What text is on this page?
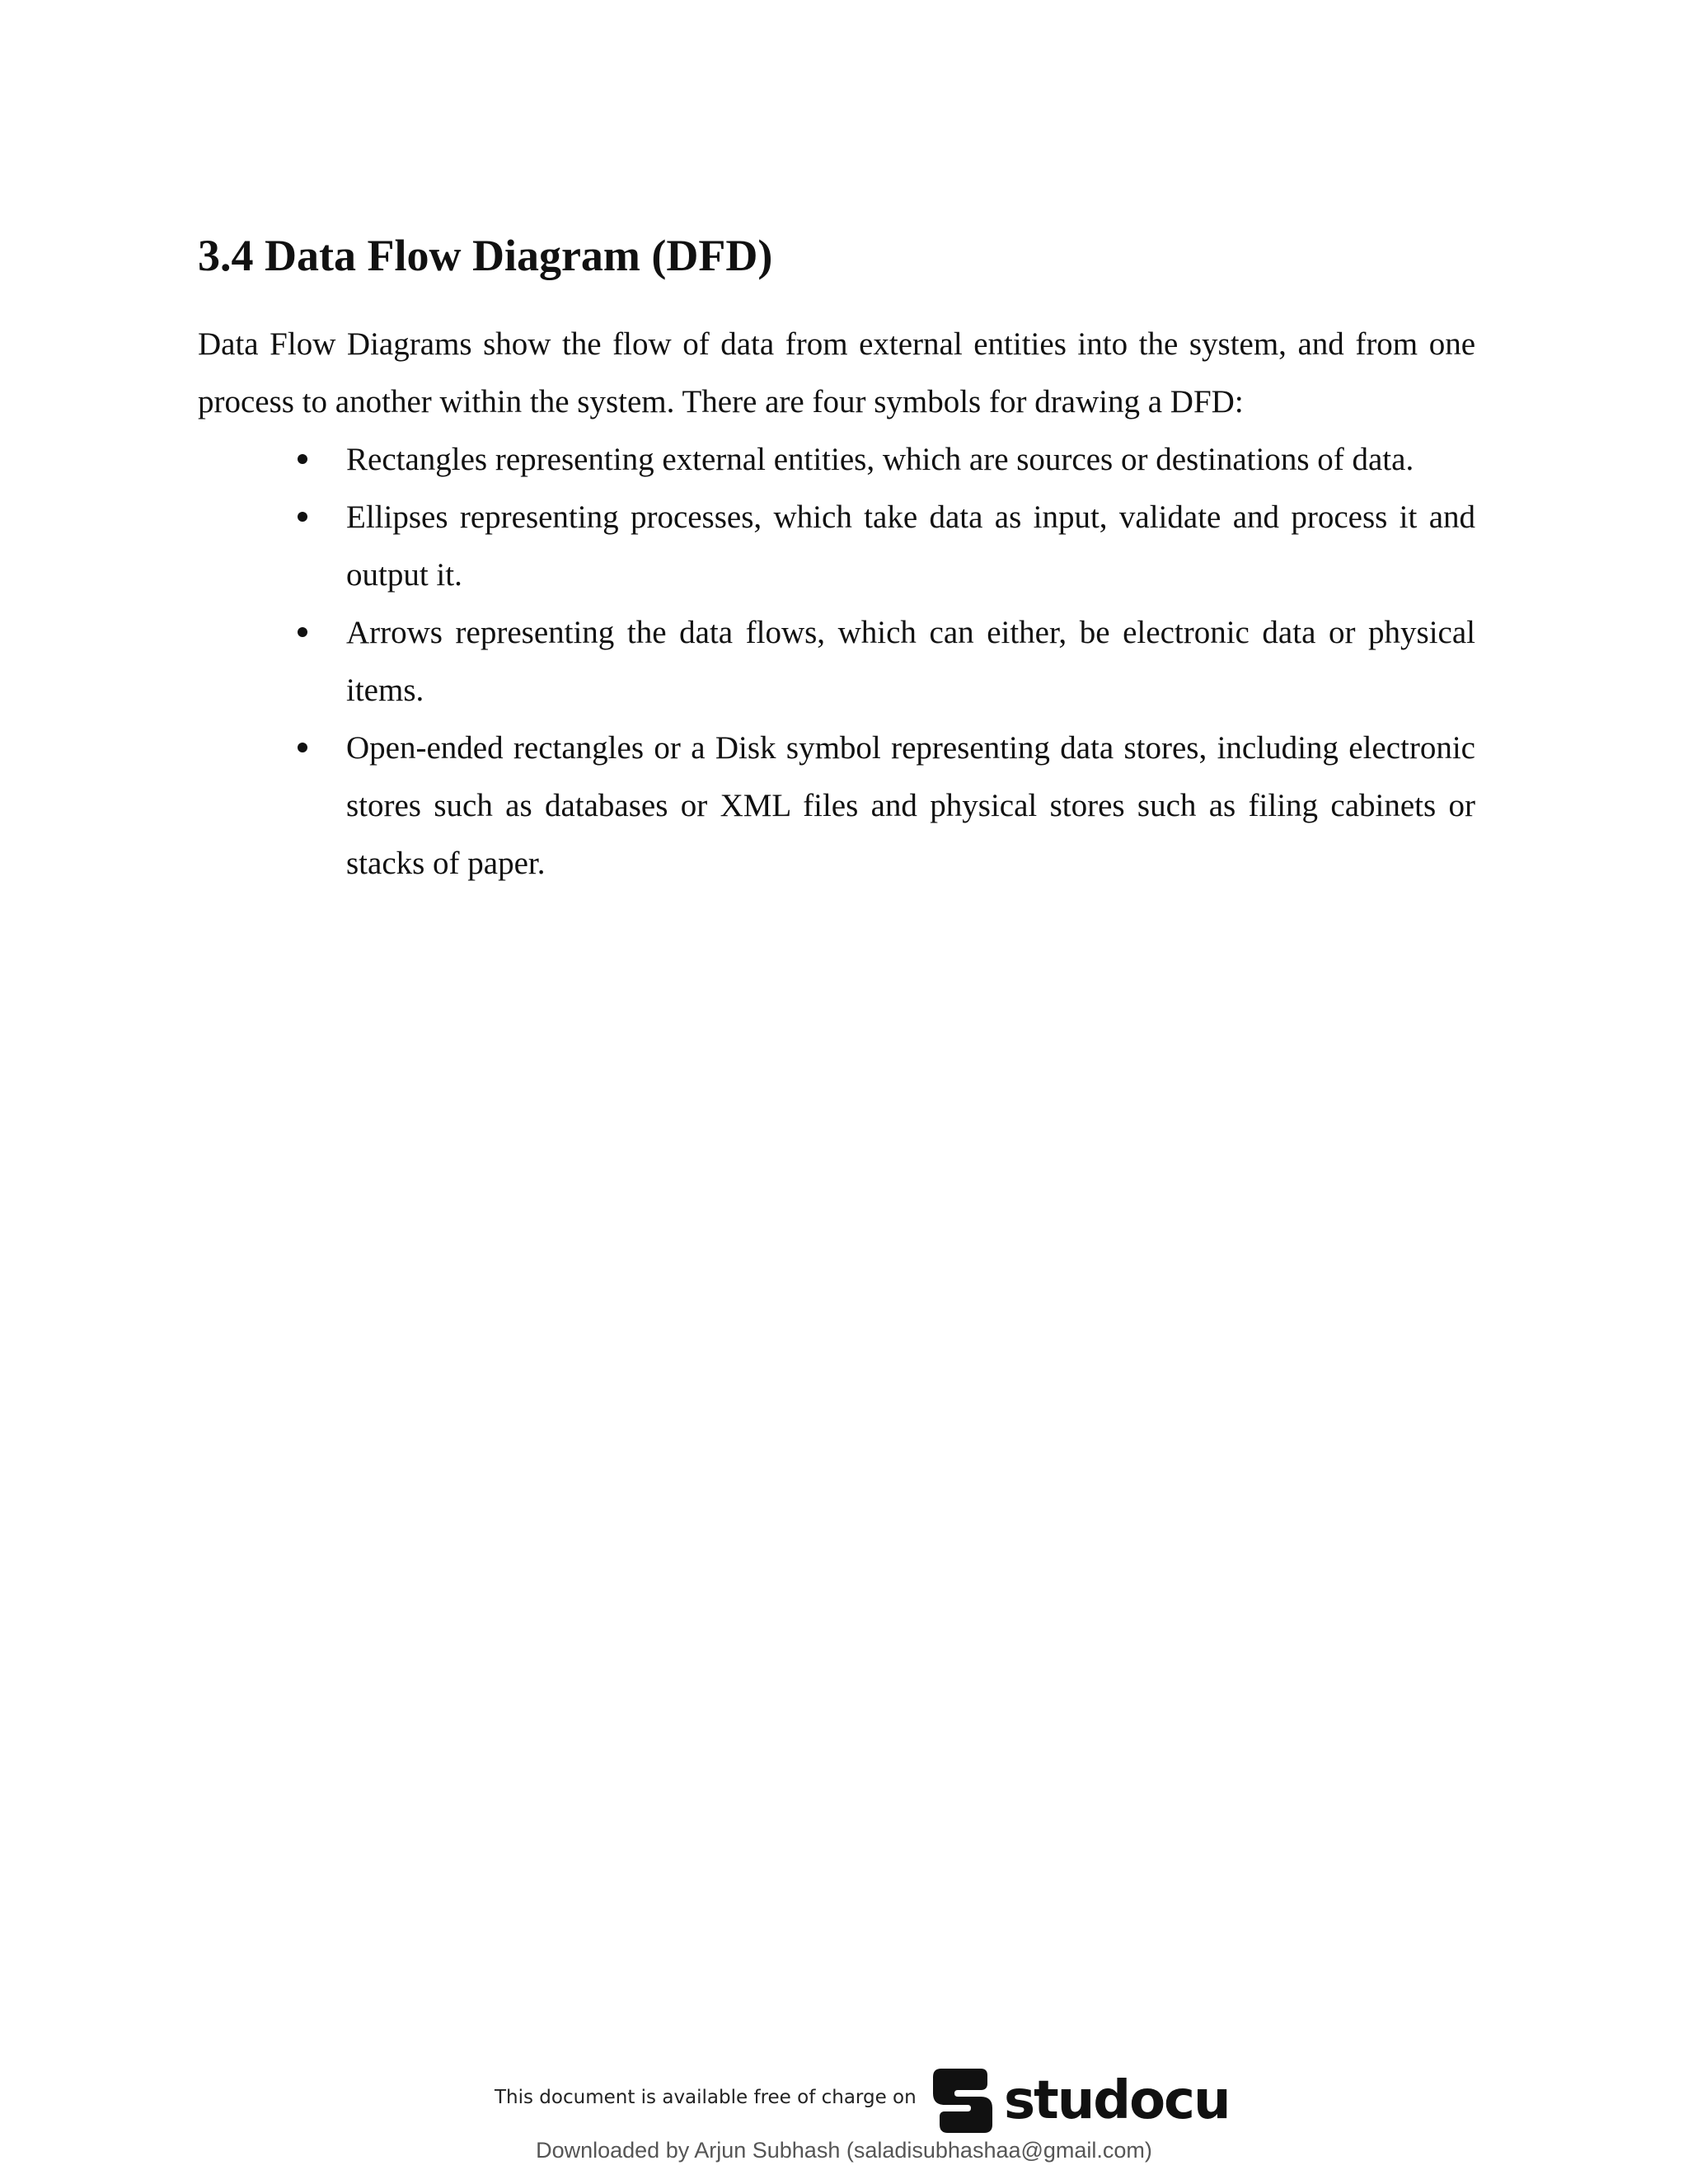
3.4 Data Flow Diagram (DFD)

Data Flow Diagrams show the flow of data from external entities into the system, and from one process to another within the system. There are four symbols for drawing a DFD:

Rectangles representing external entities, which are sources or destinations of data.
Ellipses representing processes, which take data as input, validate and process it and output it.
Arrows representing the data flows, which can either, be electronic data or physical items.
Open-ended rectangles or a Disk symbol representing data stores, including electronic stores such as databases or XML files and physical stores such as filing cabinets or stacks of paper.
This document is available free of charge on studocu
Downloaded by Arjun Subhash (saladisubhashaa@gmail.com)
